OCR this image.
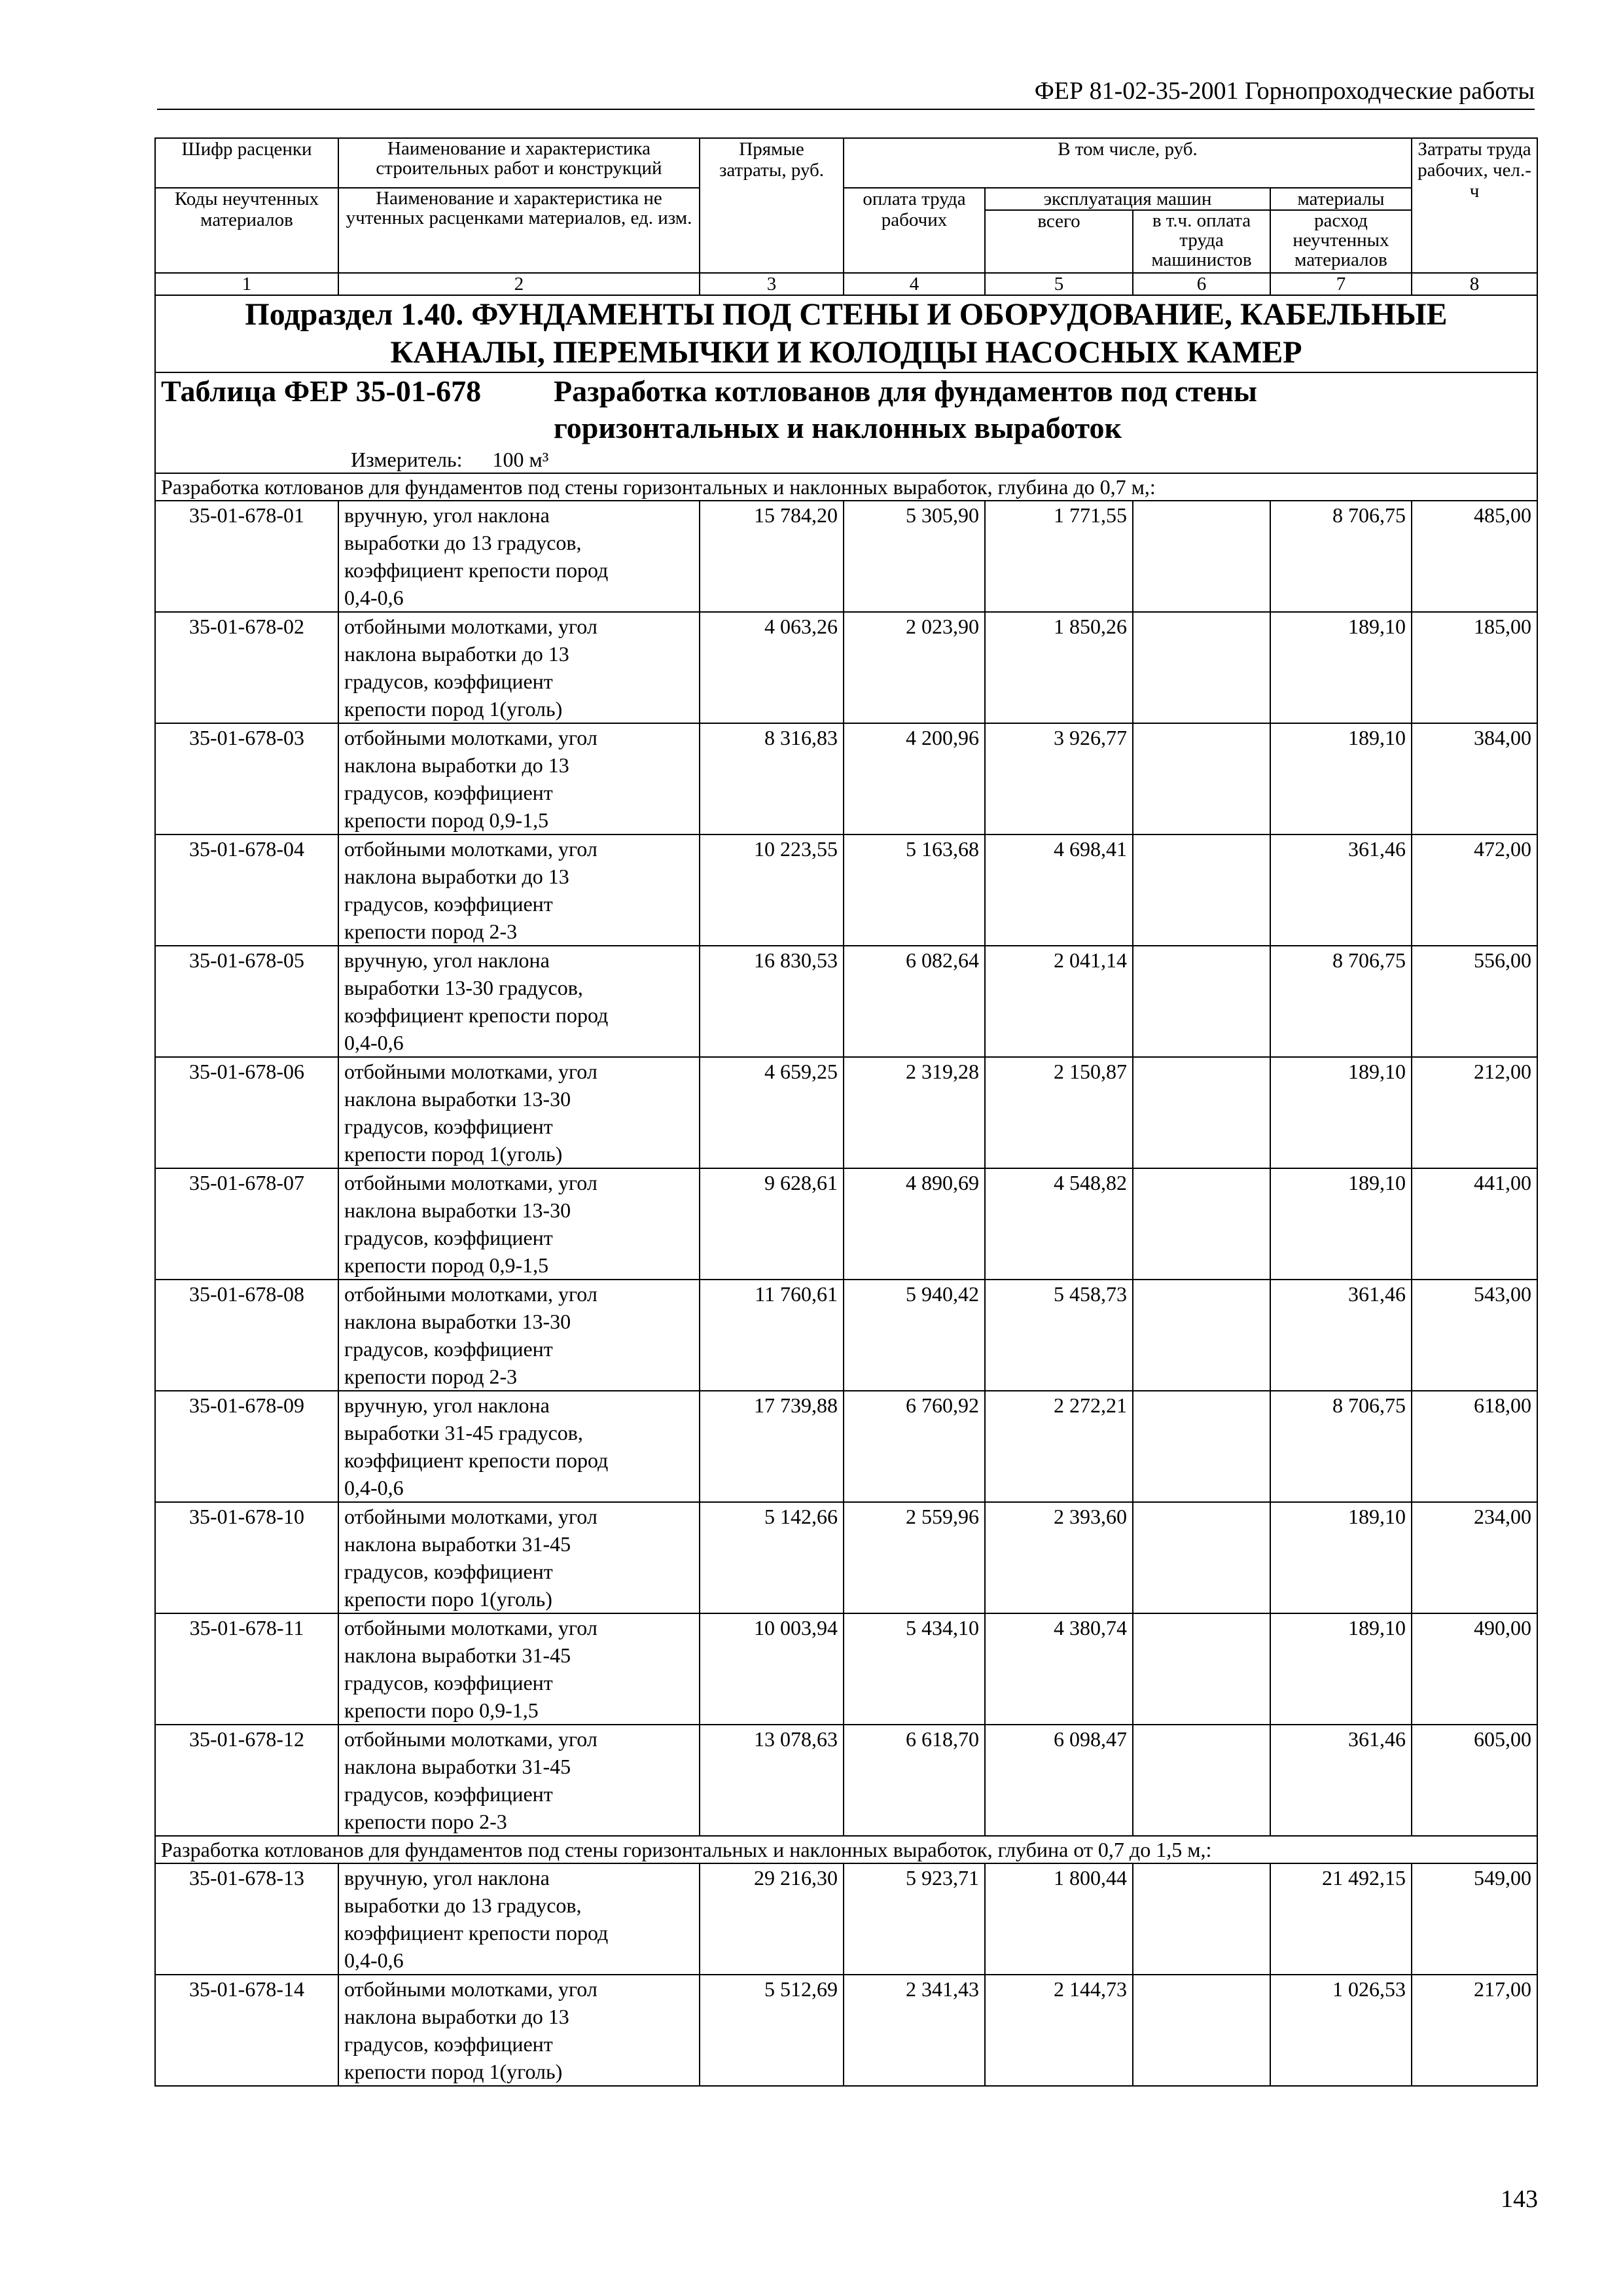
ФЕР 81-02-35-2001 Горнопроходческие работы
Шифр расценки	Наименование и характеристика строительных работ и конструкций	Прямые затраты, руб.	В том числе, руб.				Затраты труда рабочих, чел.-ч
Коды неучтенных материалов	Наименование и характеристика не учтенных расценками материалов, ед. изм.		оплата труда рабочих	эксплуатация машин		материалы	
				всего	в т.ч. оплата труда машинистов	расход неучтенных материалов	
1	2	3	4	5	6	7	8

Подраздел 1.40. ФУНДАМЕНТЫ ПОД СТЕНЫ И ОБОРУДОВАНИЕ, КАБЕЛЬНЫЕ
КАНАЛЫ, ПЕРЕМЫЧКИ И КОЛОДЦЫ НАСОСНЫХ КАМЕР							

Таблица ФЕР 35-01-678 Разработка котлованов для фундаментов под стены
горизонтальных и наклонных выработок
Измеритель: 100 м³							

Разработка котлованов для фундаментов под стены горизонтальных и наклонных выработок, глубина до 0,7 м,:							
35-01-678-01	вручную, угол наклона
выработки до 13 градусов,
коэффициент крепости пород
0,4-0,6	15 784,20	5 305,90	1 771,55		8 706,75	485,00
35-01-678-02	отбойными молотками, угол
наклона выработки до 13
градусов, коэффициент
крепости пород 1(уголь)	4 063,26	2 023,90	1 850,26		189,10	185,00
35-01-678-03	отбойными молотками, угол
наклона выработки до 13
градусов, коэффициент
крепости пород 0,9-1,5	8 316,83	4 200,96	3 926,77		189,10	384,00
35-01-678-04	отбойными молотками, угол
наклона выработки до 13
градусов, коэффициент
крепости пород 2-3	10 223,55	5 163,68	4 698,41		361,46	472,00
35-01-678-05	вручную, угол наклона
выработки 13-30 градусов,
коэффициент крепости пород
0,4-0,6	16 830,53	6 082,64	2 041,14		8 706,75	556,00
35-01-678-06	отбойными молотками, угол
наклона выработки 13-30
градусов, коэффициент
крепости пород 1(уголь)	4 659,25	2 319,28	2 150,87		189,10	212,00
35-01-678-07	отбойными молотками, угол
наклона выработки 13-30
градусов, коэффициент
крепости пород 0,9-1,5	9 628,61	4 890,69	4 548,82		189,10	441,00
35-01-678-08	отбойными молотками, угол
наклона выработки 13-30
градусов, коэффициент
крепости пород 2-3	11 760,61	5 940,42	5 458,73		361,46	543,00
35-01-678-09	вручную, угол наклона
выработки 31-45 градусов,
коэффициент крепости пород
0,4-0,6	17 739,88	6 760,92	2 272,21		8 706,75	618,00
35-01-678-10	отбойными молотками, угол
наклона выработки 31-45
градусов, коэффициент
крепости поро 1(уголь)	5 142,66	2 559,96	2 393,60		189,10	234,00
35-01-678-11	отбойными молотками, угол
наклона выработки 31-45
градусов, коэффициент
крепости поро 0,9-1,5	10 003,94	5 434,10	4 380,74		189,10	490,00
35-01-678-12	отбойными молотками, угол
наклона выработки 31-45
градусов, коэффициент
крепости поро 2-3	13 078,63	6 618,70	6 098,47		361,46	605,00
Разработка котлованов для фундаментов под стены горизонтальных и наклонных выработок, глубина от 0,7 до 1,5 м,:							
35-01-678-13	вручную, угол наклона
выработки до 13 градусов,
коэффициент крепости пород
0,4-0,6	29 216,30	5 923,71	1 800,44		21 492,15	549,00
35-01-678-14	отбойными молотками, угол
наклона выработки до 13
градусов, коэффициент
крепости пород 1(уголь)	5 512,69	2 341,43	2 144,73		1 026,53	217,00
143
